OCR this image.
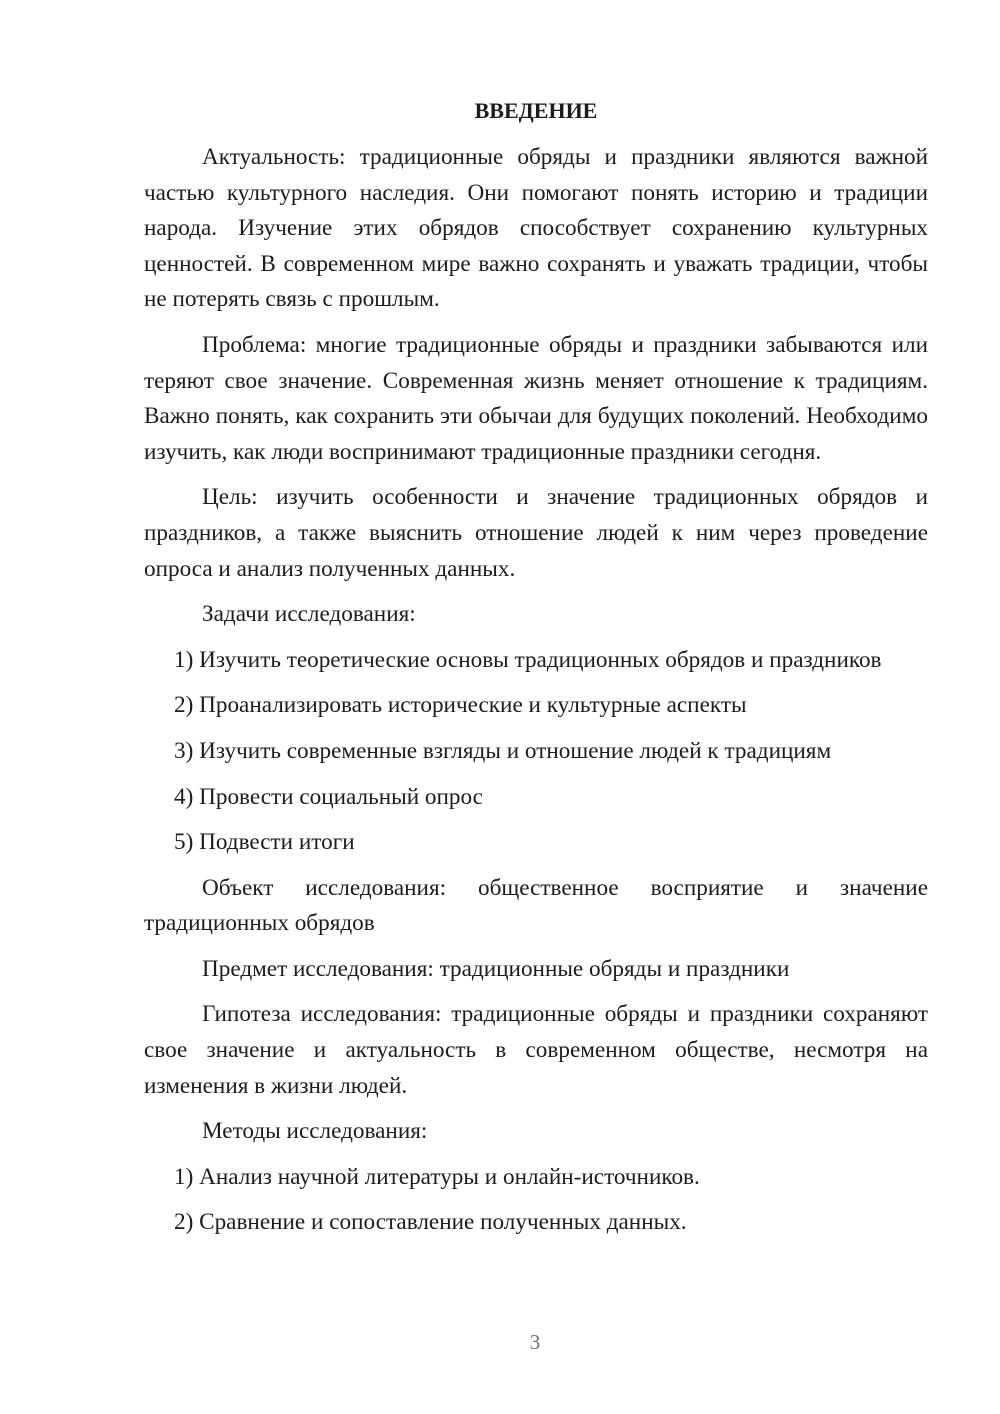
ВВЕДЕНИЕ

Актуальность: традиционные обряды и праздники являются важной частью культурного наследия. Они помогают понять историю и традиции народа. Изучение этих обрядов способствует сохранению культурных ценностей. В современном мире важно сохранять и уважать традиции, чтобы не потерять связь с прошлым.

Проблема: многие традиционные обряды и праздники забываются или теряют свое значение. Современная жизнь меняет отношение к традициям. Важно понять, как сохранить эти обычаи для будущих поколений. Необходимо изучить, как люди воспринимают традиционные праздники сегодня.

Цель: изучить особенности и значение традиционных обрядов и праздников, а также выяснить отношение людей к ним через проведение опроса и анализ полученных данных.

Задачи исследования:

1) Изучить теоретические основы традиционных обрядов и праздников

2) Проанализировать исторические и культурные аспекты

3) Изучить современные взгляды и отношение людей к традициям

4) Провести социальный опрос

5) Подвести итоги

Объект исследования: общественное восприятие и значение традиционных обрядов

Предмет исследования: традиционные обряды и праздники

Гипотеза исследования: традиционные обряды и праздники сохраняют свое значение и актуальность в современном обществе, несмотря на изменения в жизни людей.

Методы исследования:

1) Анализ научной литературы и онлайн-источников.

2) Сравнение и сопоставление полученных данных.

3
